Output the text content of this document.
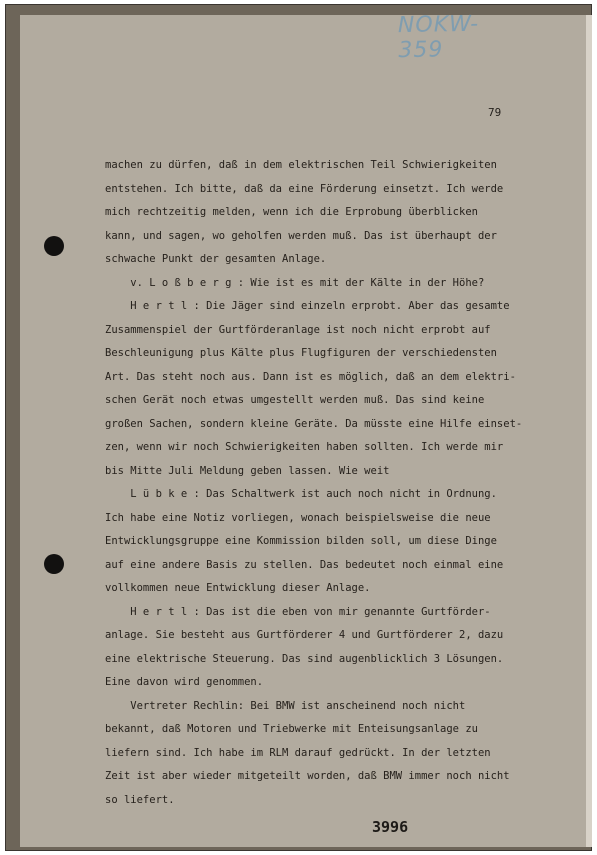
NOKW-359
79
machen zu dürfen, daß in dem elektrischen Teil Schwierigkeiten
entstehen. Ich bitte, daß da eine Förderung einsetzt. Ich werde
mich rechtzeitig melden, wenn ich die Erprobung überblicken
kann, und sagen, wo geholfen werden muß. Das ist überhaupt der
schwache Punkt der gesamten Anlage.
v. L o ß b e r g : Wie ist es mit der Kälte in der Höhe?
H e r t l : Die Jäger sind einzeln erprobt. Aber das gesamte
Zusammenspiel der Gurtförderanlage ist noch nicht erprobt auf
Beschleunigung plus Kälte plus Flugfiguren der verschiedensten
Art. Das steht noch aus. Dann ist es möglich, daß an dem elektri-
schen Gerät noch etwas umgestellt werden muß. Das sind keine
großen Sachen, sondern kleine Geräte. Da müsste eine Hilfe einset-
zen, wenn wir noch Schwierigkeiten haben sollten. Ich werde mir
bis Mitte Juli Meldung geben lassen. Wie weit
L ü b k e : Das Schaltwerk ist auch noch nicht in Ordnung.
Ich habe eine Notiz vorliegen, wonach beispielsweise die neue
Entwicklungsgruppe eine Kommission bilden soll, um diese Dinge
auf eine andere Basis zu stellen. Das bedeutet noch einmal eine
vollkommen neue Entwicklung dieser Anlage.
H e r t l : Das ist die eben von mir genannte Gurtförder-
anlage. Sie besteht aus Gurtförderer 4 und Gurtförderer 2, dazu
eine elektrische Steuerung. Das sind augenblicklich 3 Lösungen.
Eine davon wird genommen.
Vertreter Rechlin: Bei BMW ist anscheinend noch nicht
bekannt, daß Motoren und Triebwerke mit Enteisungsanlage zu
liefern sind. Ich habe im RLM darauf gedrückt. In der letzten
Zeit ist aber wieder mitgeteilt worden, daß BMW immer noch nicht
so liefert.
3996
